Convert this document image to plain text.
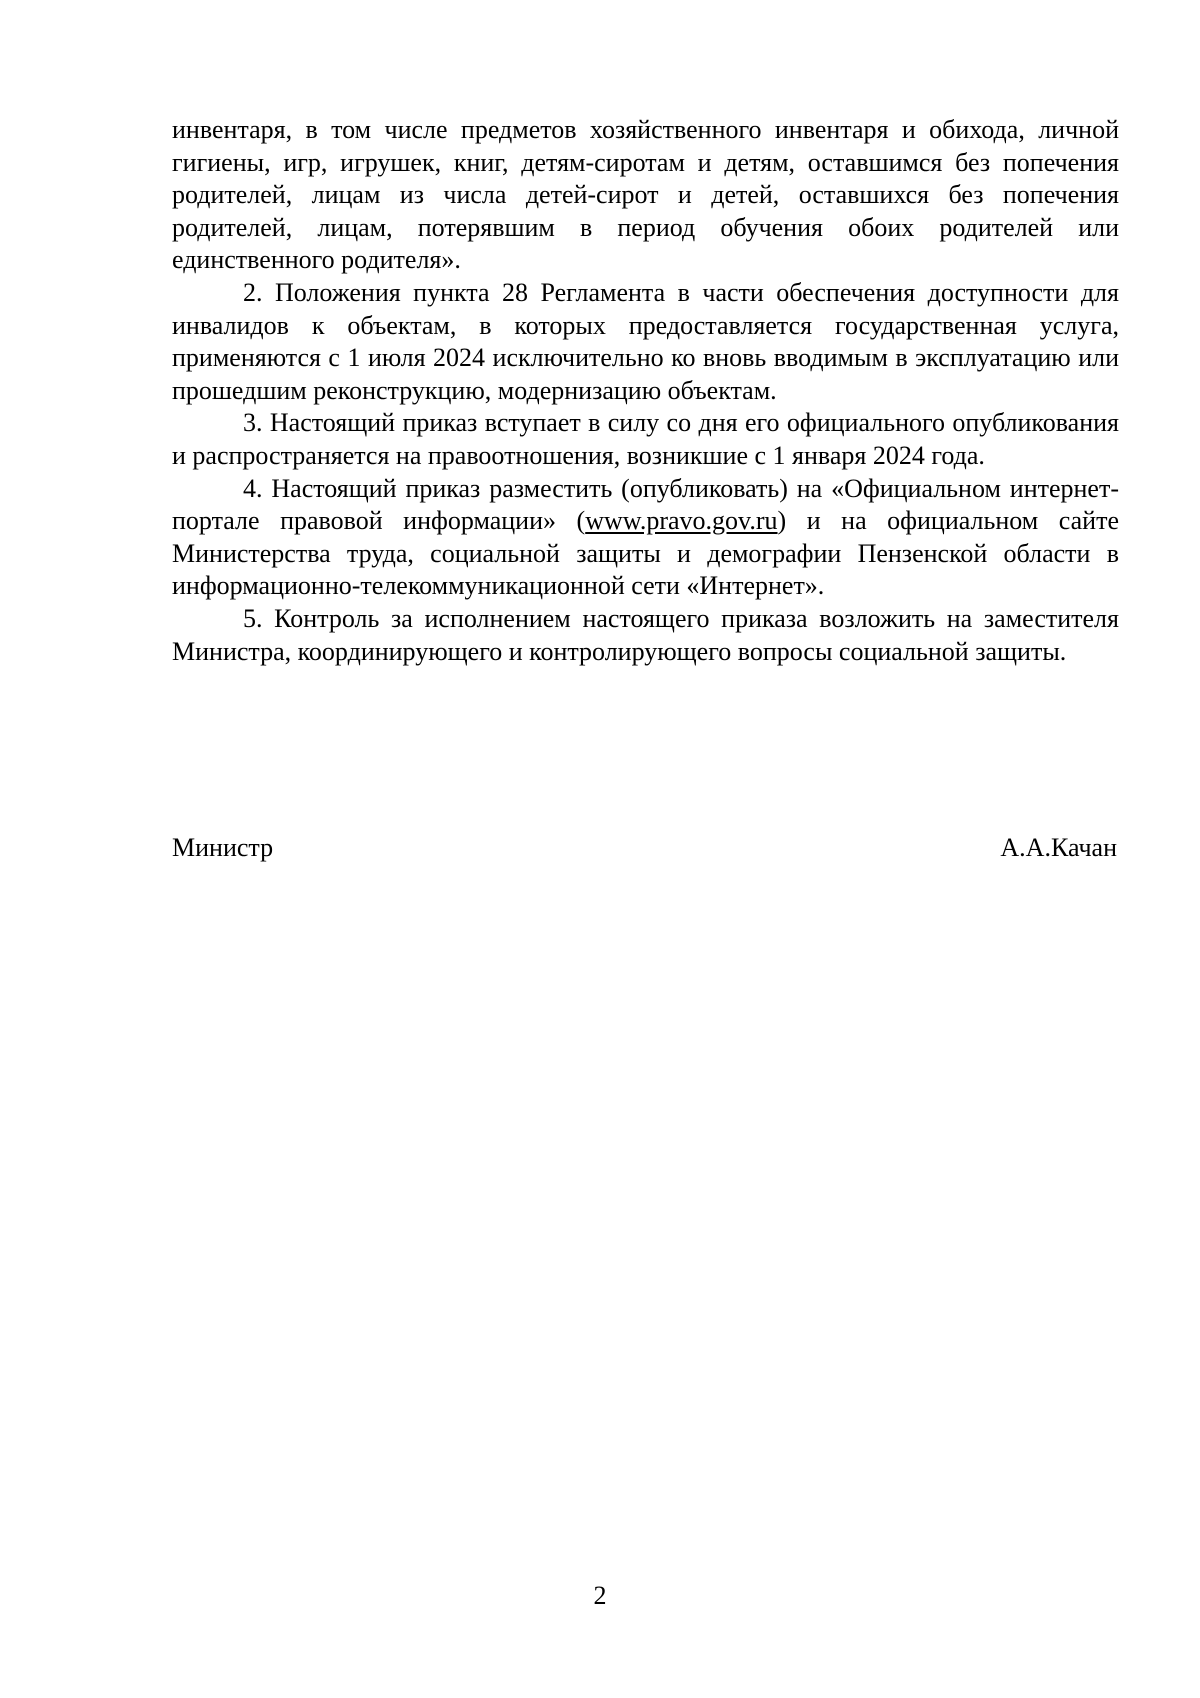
инвентаря, в том числе предметов хозяйственного инвентаря и обихода, личной гигиены, игр, игрушек, книг, детям-сиротам и детям, оставшимся без попечения родителей, лицам из числа детей-сирот и детей, оставшихся без попечения родителей, лицам, потерявшим в период обучения обоих родителей или единственного родителя».

2. Положения пункта 28 Регламента в части обеспечения доступности для инвалидов к объектам, в которых предоставляется государственная услуга, применяются с 1 июля 2024 исключительно ко вновь вводимым в эксплуатацию или прошедшим реконструкцию, модернизацию объектам.

3. Настоящий приказ вступает в силу со дня его официального опубликования и распространяется на правоотношения, возникшие с 1 января 2024 года.

4. Настоящий приказ разместить (опубликовать) на «Официальном интернет-портале правовой информации» (www.pravo.gov.ru) и на официальном сайте Министерства труда, социальной защиты и демографии Пензенской области в информационно-телекоммуникационной сети «Интернет».

5. Контроль за исполнением настоящего приказа возложить на заместителя Министра, координирующего и контролирующего вопросы социальной защиты.

Министр	А.А.Качан
2
